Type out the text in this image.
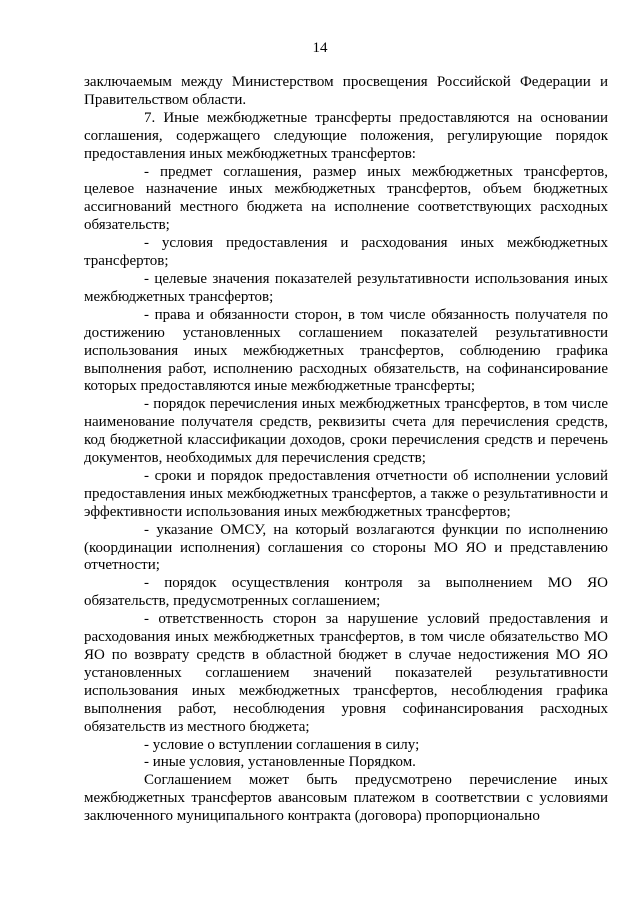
14

заключаемым между Министерством просвещения Российской Федерации и Правительством области.

7. Иные межбюджетные трансферты предоставляются на основании соглашения, содержащего следующие положения, регулирующие порядок предоставления иных межбюджетных трансфертов:

- предмет соглашения, размер иных межбюджетных трансфертов, целевое назначение иных межбюджетных трансфертов, объем бюджетных ассигнований местного бюджета на исполнение соответствующих расходных обязательств;

- условия предоставления и расходования иных межбюджетных трансфертов;

- целевые значения показателей результативности использования иных межбюджетных трансфертов;

- права и обязанности сторон, в том числе обязанность получателя по достижению установленных соглашением показателей результативности использования иных межбюджетных трансфертов, соблюдению графика выполнения работ, исполнению расходных обязательств, на софинансирование которых предоставляются иные межбюджетные трансферты;

- порядок перечисления иных межбюджетных трансфертов, в том числе наименование получателя средств, реквизиты счета для перечисления средств, код бюджетной классификации доходов, сроки перечисления средств и перечень документов, необходимых для перечисления средств;

- сроки и порядок предоставления отчетности об исполнении условий предоставления иных межбюджетных трансфертов, а также о результативности и эффективности использования иных межбюджетных трансфертов;

- указание ОМСУ, на который возлагаются функции по исполнению (координации исполнения) соглашения со стороны МО ЯО и представлению отчетности;

- порядок осуществления контроля за выполнением МО ЯО обязательств, предусмотренных соглашением;

- ответственность сторон за нарушение условий предоставления и расходования иных межбюджетных трансфертов, в том числе обязательство МО ЯО по возврату средств в областной бюджет в случае недостижения МО ЯО установленных соглашением значений показателей результативности использования иных межбюджетных трансфертов, несоблюдения графика выполнения работ, несоблюдения уровня софинансирования расходных обязательств из местного бюджета;

- условие о вступлении соглашения в силу;

- иные условия, установленные Порядком.

Соглашением может быть предусмотрено перечисление иных межбюджетных трансфертов авансовым платежом в соответствии с условиями заключенного муниципального контракта (договора) пропорционально
